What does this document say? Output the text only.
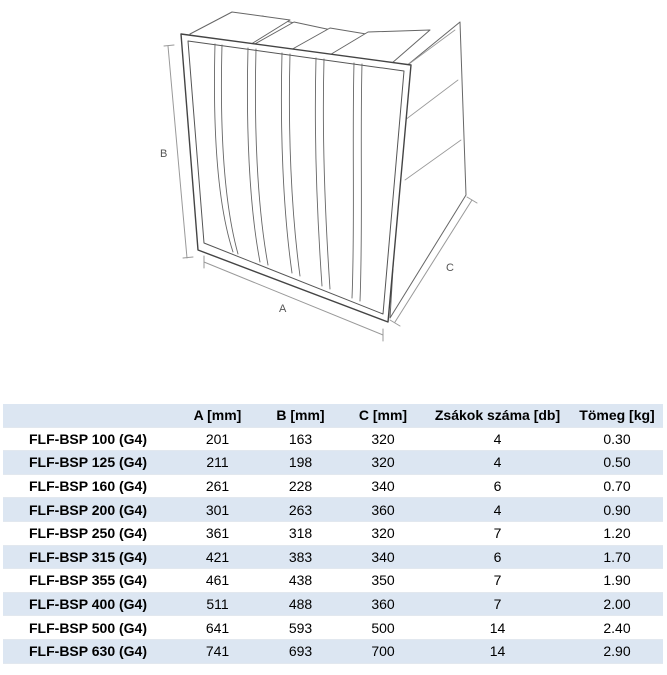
B
A
C
	A [mm]	B [mm]	C [mm]	Zsákok száma [db]	Tömeg [kg]
FLF-BSP 100 (G4)	201	163	320	4	0.30
FLF-BSP 125 (G4)	211	198	320	4	0.50
FLF-BSP 160 (G4)	261	228	340	6	0.70
FLF-BSP 200 (G4)	301	263	360	4	0.90
FLF-BSP 250 (G4)	361	318	320	7	1.20
FLF-BSP 315 (G4)	421	383	340	6	1.70
FLF-BSP 355 (G4)	461	438	350	7	1.90
FLF-BSP 400 (G4)	511	488	360	7	2.00
FLF-BSP 500 (G4)	641	593	500	14	2.40
FLF-BSP 630 (G4)	741	693	700	14	2.90
